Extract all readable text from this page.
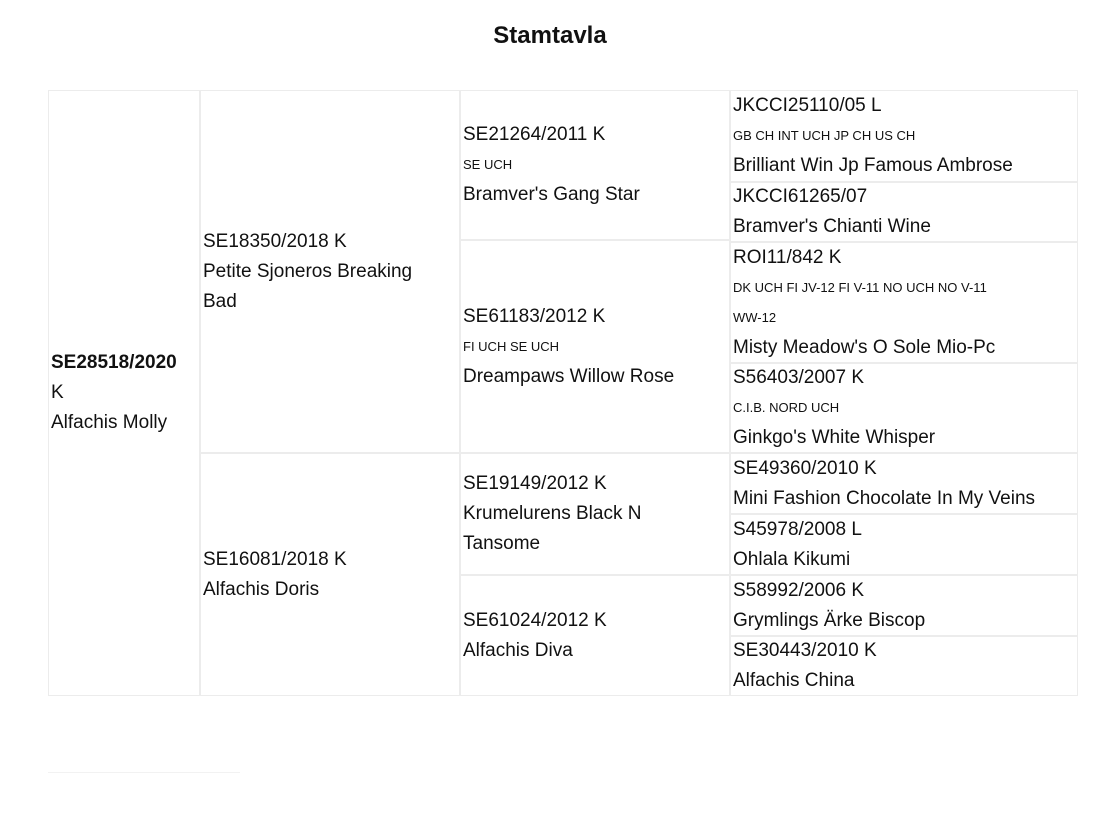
Stamtavla
SE28518/2020
K
Alfachis Molly
SE18350/2018 K
Petite Sjoneros Breaking Bad
SE16081/2018 K
Alfachis Doris
SE21264/2011 K
SE UCH
Bramver's Gang Star
SE61183/2012 K
FI UCH SE UCH
Dreampaws Willow Rose
SE19149/2012 K
Krumelurens Black N Tansome
SE61024/2012 K
Alfachis Diva
JKCCI25110/05 L
GB CH INT UCH JP CH US CH
Brilliant Win Jp Famous Ambrose
JKCCI61265/07
Bramver's Chianti Wine
ROI11/842 K
DK UCH FI JV-12 FI V-11 NO UCH NO V-11
WW-12
Misty Meadow's O Sole Mio-Pc
S56403/2007 K
C.I.B. NORD UCH
Ginkgo's White Whisper
SE49360/2010 K
Mini Fashion Chocolate In My Veins
S45978/2008 L
Ohlala Kikumi
S58992/2006 K
Grymlings Ärke Biscop
SE30443/2010 K
Alfachis China
